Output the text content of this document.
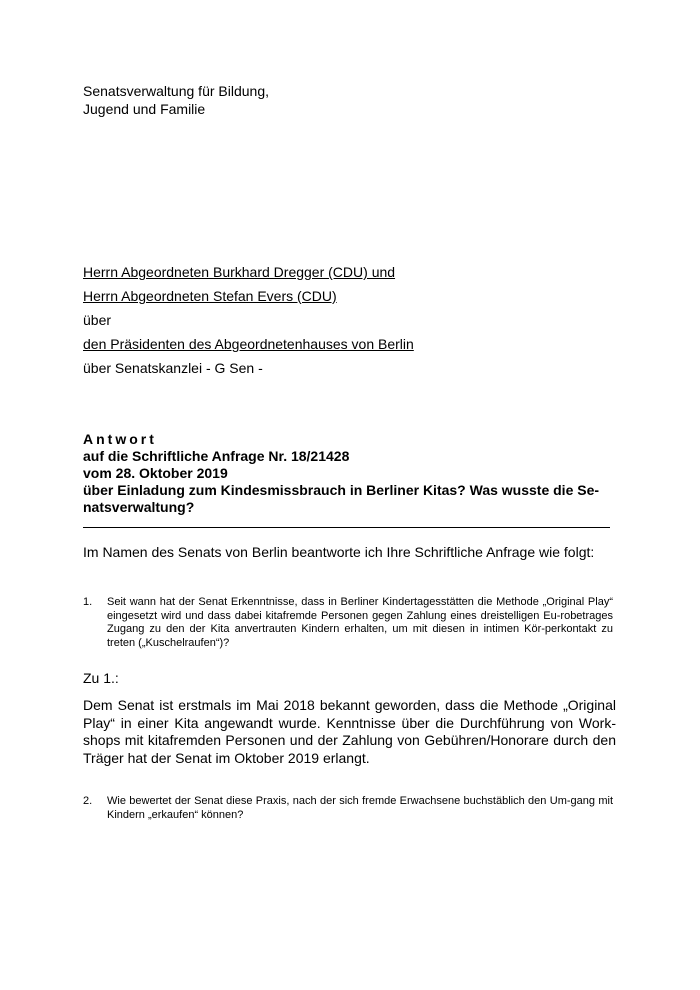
Senatsverwaltung für Bildung,
Jugend und Familie
Herrn Abgeordneten Burkhard Dregger (CDU) und
Herrn Abgeordneten Stefan Evers (CDU)
über
den Präsidenten des Abgeordnetenhauses von Berlin
über Senatskanzlei - G Sen -
Antwort
auf die Schriftliche Anfrage Nr. 18/21428
vom 28. Oktober 2019
über Einladung zum Kindesmissbrauch in Berliner Kitas? Was wusste die Se-natsverwaltung?
Im Namen des Senats von Berlin beantworte ich Ihre Schriftliche Anfrage wie folgt:
1. Seit wann hat der Senat Erkenntnisse, dass in Berliner Kindertagesstätten die Methode „Original Play“ eingesetzt wird und dass dabei kitafremde Personen gegen Zahlung eines dreistelligen Eu-robetrages Zugang zu den der Kita anvertrauten Kindern erhalten, um mit diesen in intimen Kör-perkontakt zu treten („Kuschelraufen“)?
Zu 1.:
Dem Senat ist erstmals im Mai 2018 bekannt geworden, dass die Methode „Original Play“ in einer Kita angewandt wurde. Kenntnisse über die Durchführung von Work-shops mit kitafremden Personen und der Zahlung von Gebühren/Honorare durch den Träger hat der Senat im Oktober 2019 erlangt.
2. Wie bewertet der Senat diese Praxis, nach der sich fremde Erwachsene buchstäblich den Um-gang mit Kindern „erkaufen“ können?
